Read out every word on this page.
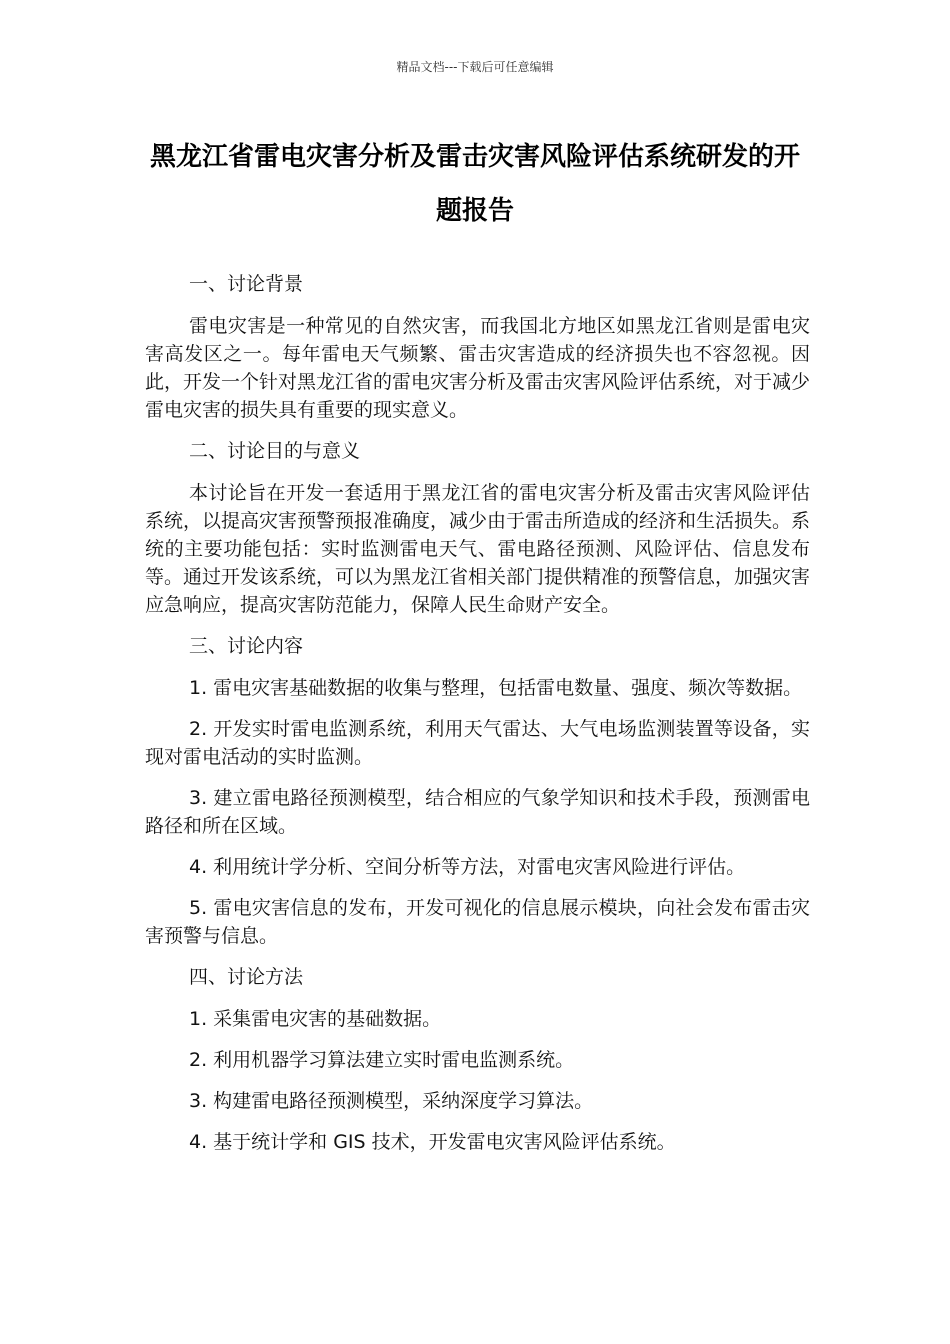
精品文档---下载后可任意编辑
黑龙江省雷电灾害分析及雷击灾害风险评估系统研发的开题报告

一、讨论背景

雷电灾害是一种常见的自然灾害，而我国北方地区如黑龙江省则是雷电灾害高发区之一。每年雷电天气频繁、雷击灾害造成的经济损失也不容忽视。因此，开发一个针对黑龙江省的雷电灾害分析及雷击灾害风险评估系统，对于减少雷电灾害的损失具有重要的现实意义。

二、讨论目的与意义

本讨论旨在开发一套适用于黑龙江省的雷电灾害分析及雷击灾害风险评估系统，以提高灾害预警预报准确度，减少由于雷击所造成的经济和生活损失。系统的主要功能包括：实时监测雷电天气、雷电路径预测、风险评估、信息发布等。通过开发该系统，可以为黑龙江省相关部门提供精准的预警信息，加强灾害应急响应，提高灾害防范能力，保障人民生命财产安全。

三、讨论内容

1. 雷电灾害基础数据的收集与整理，包括雷电数量、强度、频次等数据。

2. 开发实时雷电监测系统，利用天气雷达、大气电场监测装置等设备，实现对雷电活动的实时监测。

3. 建立雷电路径预测模型，结合相应的气象学知识和技术手段，预测雷电路径和所在区域。

4. 利用统计学分析、空间分析等方法，对雷电灾害风险进行评估。

5. 雷电灾害信息的发布，开发可视化的信息展示模块，向社会发布雷击灾害预警与信息。

四、讨论方法

1. 采集雷电灾害的基础数据。

2. 利用机器学习算法建立实时雷电监测系统。

3. 构建雷电路径预测模型，采纳深度学习算法。

4. 基于统计学和 GIS 技术，开发雷电灾害风险评估系统。
